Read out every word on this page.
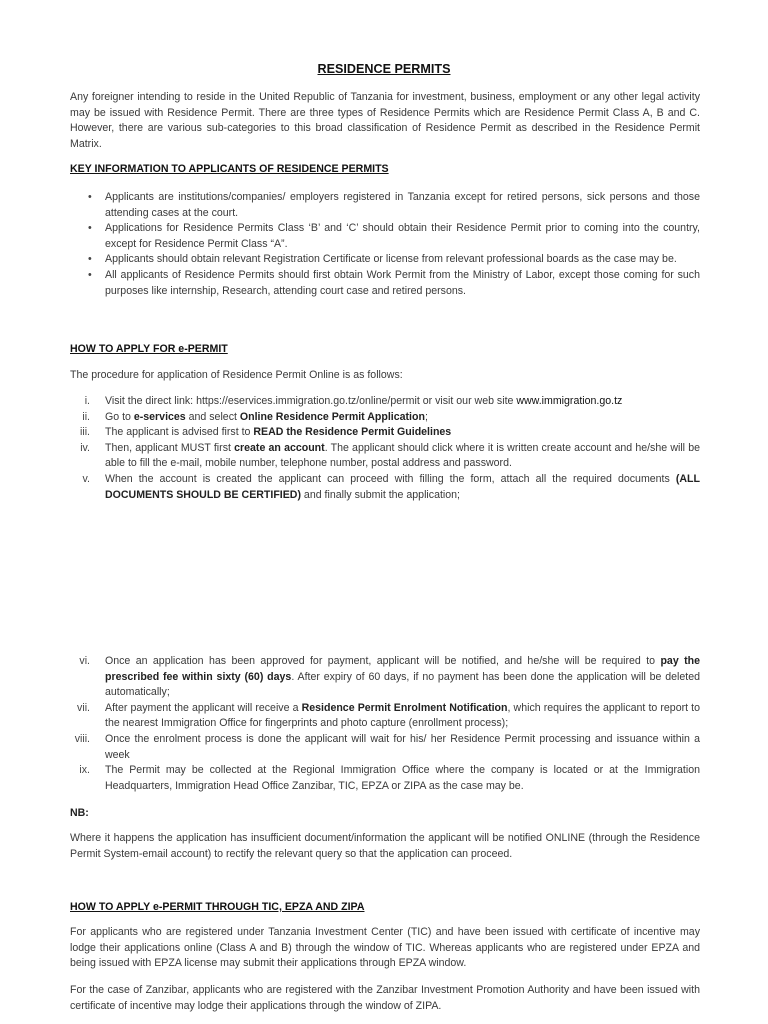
RESIDENCE PERMITS

Any foreigner intending to reside in the United Republic of Tanzania for investment, business, employment or any other legal activity may be issued with Residence Permit. There are three types of Residence Permits which are Residence Permit Class A, B and C. However, there are various sub-categories to this broad classification of Residence Permit as described in the Residence Permit Matrix.

KEY INFORMATION TO APPLICANTS OF RESIDENCE PERMITS

• Applicants are institutions/companies/ employers registered in Tanzania except for retired persons, sick persons and those attending cases at the court.
• Applications for Residence Permits Class ‘B’ and ‘C’ should obtain their Residence Permit prior to coming into the country, except for Residence Permit Class “A”.
• Applicants should obtain relevant Registration Certificate or license from relevant professional boards as the case may be.
• All applicants of Residence Permits should first obtain Work Permit from the Ministry of Labor, except those coming for such purposes like internship, Research, attending court case and retired persons.

HOW TO APPLY FOR e-PERMIT

The procedure for application of Residence Permit Online is as follows:

i. Visit the direct link: https://eservices.immigration.go.tz/online/permit or visit our web site www.immigration.go.tz
ii. Go to e-services and select Online Residence Permit Application;
iii. The applicant is advised first to READ the Residence Permit Guidelines
iv. Then, applicant MUST first create an account. The applicant should click where it is written create account and he/she will be able to fill the e-mail, mobile number, telephone number, postal address and password.
v. When the account is created the applicant can proceed with filling the form, attach all the required documents (ALL DOCUMENTS SHOULD BE CERTIFIED) and finally submit the application;
vi. Once an application has been approved for payment, applicant will be notified, and he/she will be required to pay the prescribed fee within sixty (60) days. After expiry of 60 days, if no payment has been done the application will be deleted automatically;
vii. After payment the applicant will receive a Residence Permit Enrolment Notification, which requires the applicant to report to the nearest Immigration Office for fingerprints and photo capture (enrollment process);
viii. Once the enrolment process is done the applicant will wait for his/ her Residence Permit processing and issuance within a week
ix. The Permit may be collected at the Regional Immigration Office where the company is located or at the Immigration Headquarters, Immigration Head Office Zanzibar, TIC, EPZA or ZIPA as the case may be.

NB:

Where it happens the application has insufficient document/information the applicant will be notified ONLINE (through the Residence Permit System-email account) to rectify the relevant query so that the application can proceed.

HOW TO APPLY e-PERMIT THROUGH TIC, EPZA AND ZIPA

For applicants who are registered under Tanzania Investment Center (TIC) and have been issued with certificate of incentive may lodge their applications online (Class A and B) through the window of TIC. Whereas applicants who are registered under EPZA and being issued with EPZA license may submit their applications through EPZA window.

For the case of Zanzibar, applicants who are registered with the Zanzibar Investment Promotion Authority and have been issued with certificate of incentive may lodge their applications through the window of ZIPA.
